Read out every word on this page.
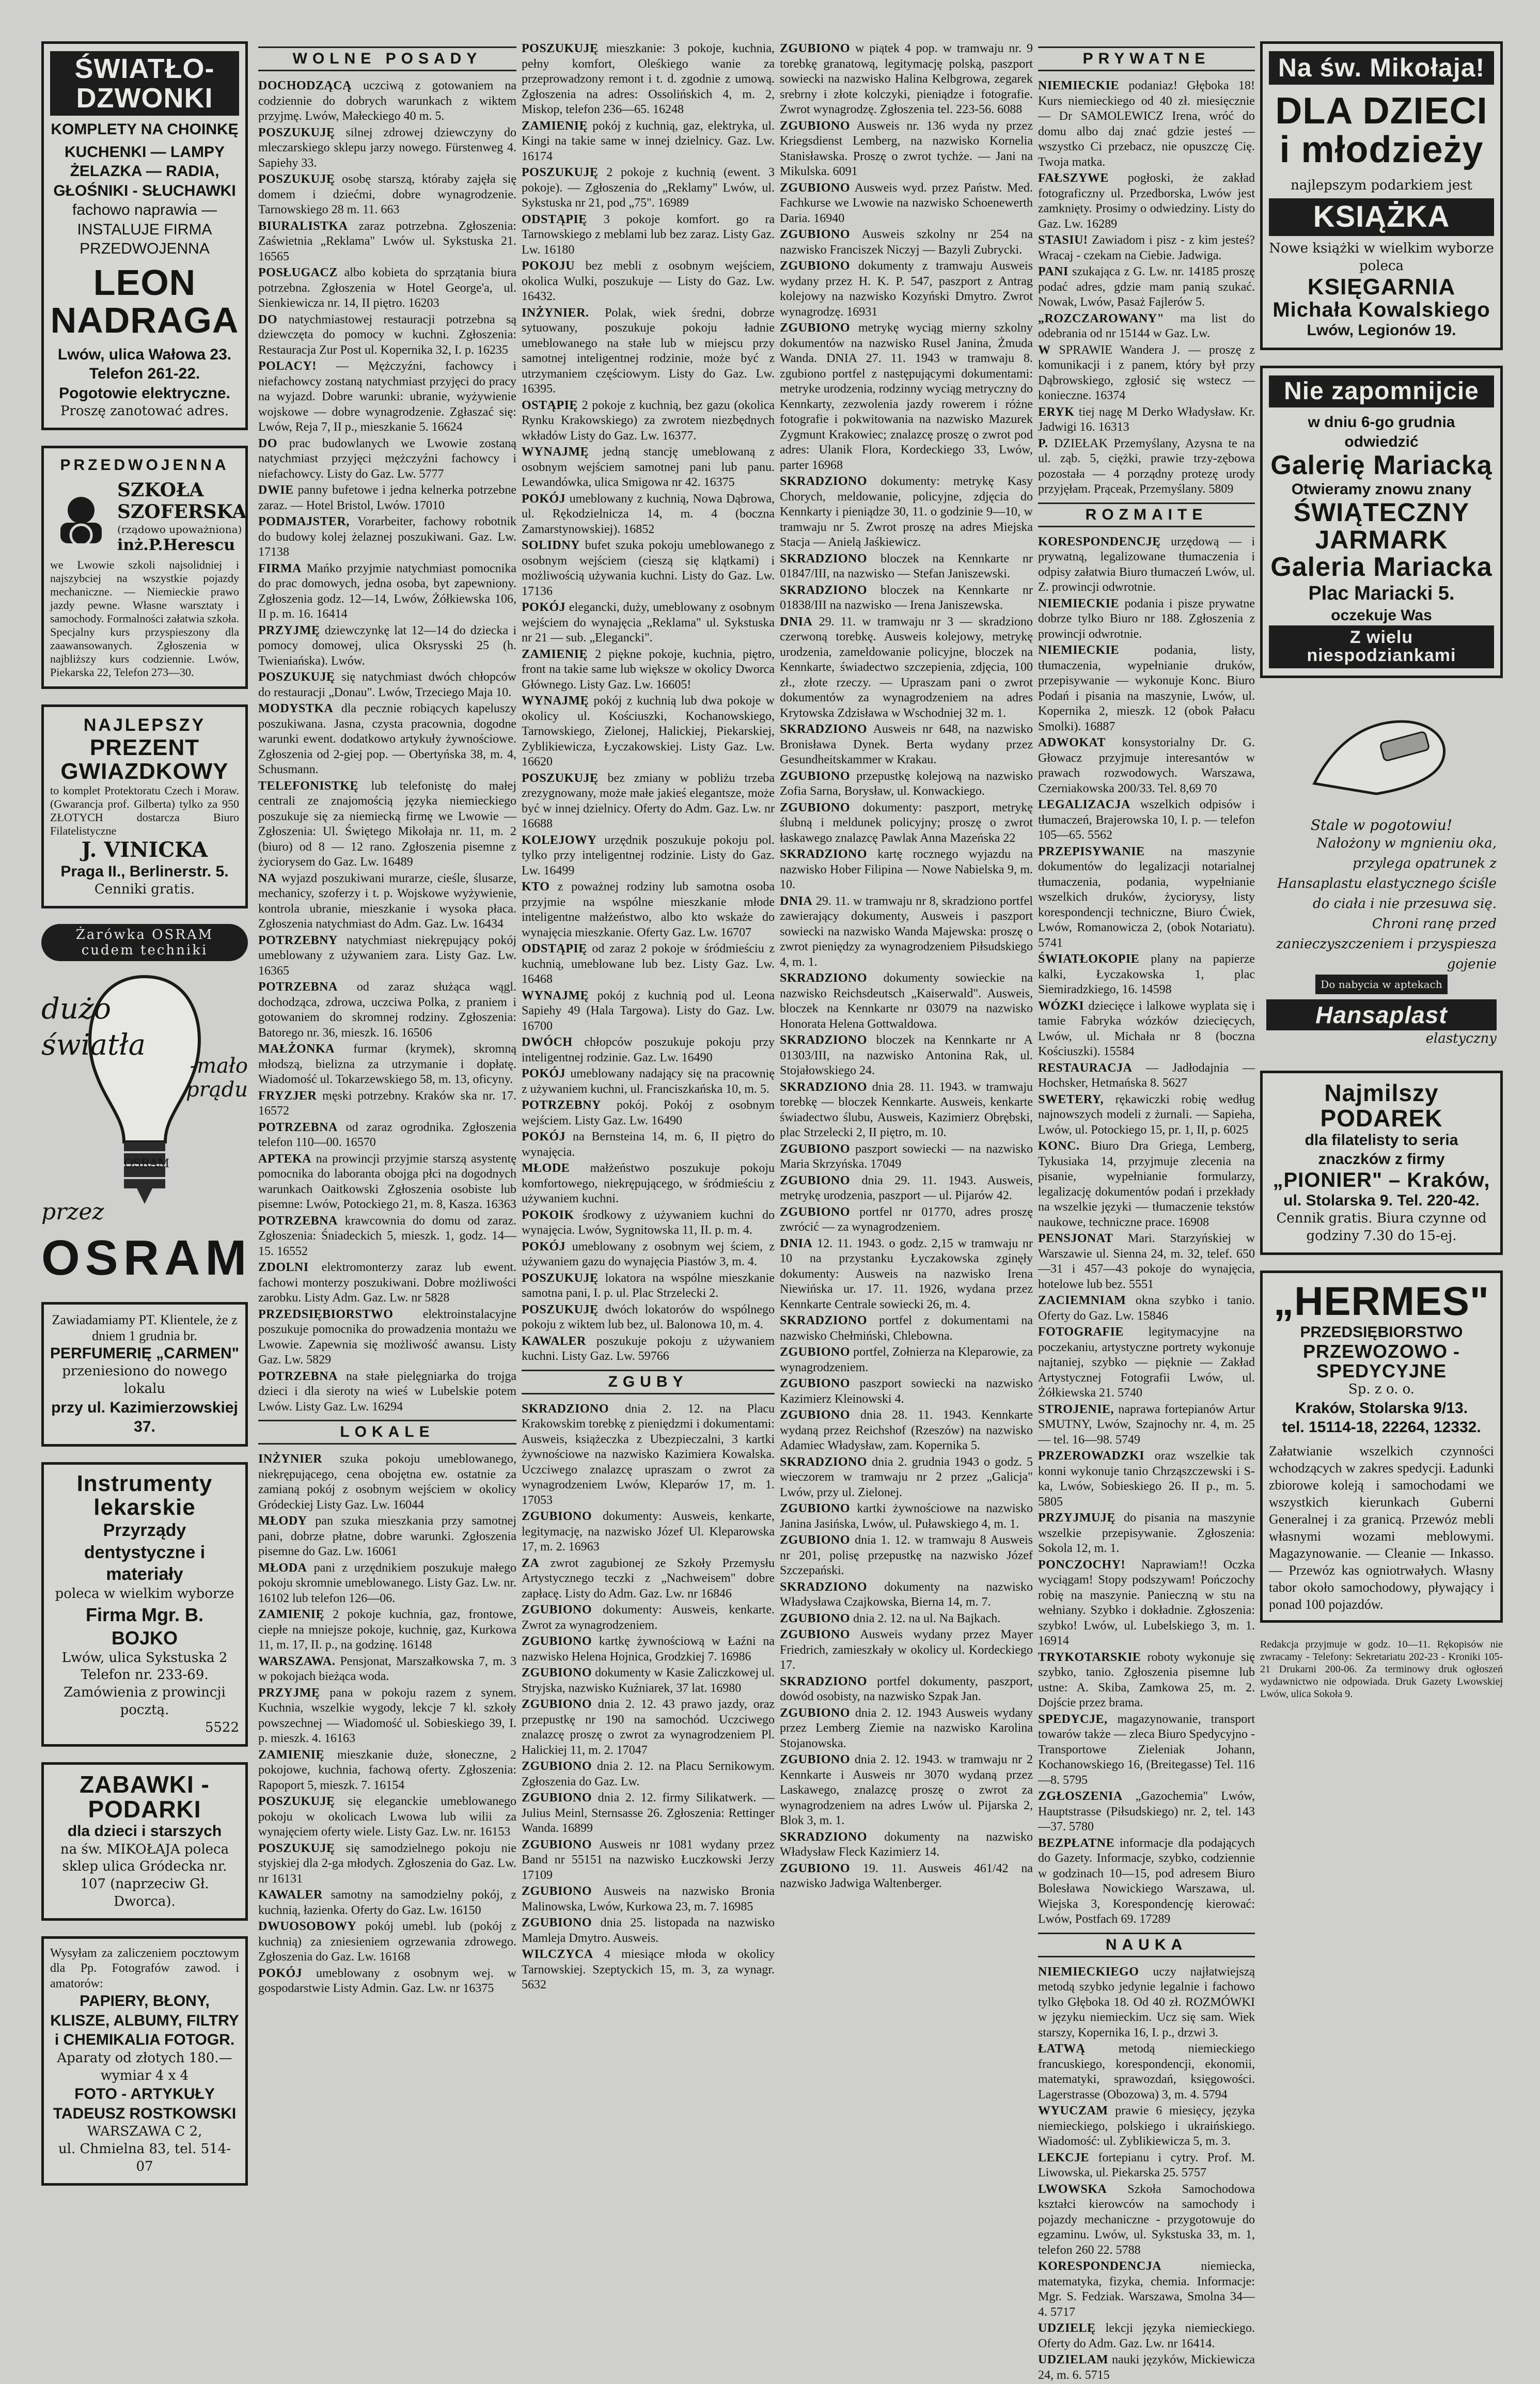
ŚWIATŁO-DZWONKI
KOMPLETY NA CHOINKĘ
KUCHENKI — LAMPY
ŻELAZKA — RADIA,
GŁOŚNIKI - SŁUCHAWKI
fachowo naprawia —
INSTALUJE FIRMA
PRZEDWOJENNA
LEON NADRAGA
Lwów, ulica Wałowa 23.
Telefon 261-22.
Pogotowie elektryczne.
Proszę zanotować adres.
PRZEDWOJENNA
SZKOŁA SZOFERSKA
(rządowo upoważniona)
inż.P.Herescu
we Lwowie szkoli najsolidniej i najszybciej na wszystkie pojazdy mechaniczne. — Niemieckie prawo jazdy pewne. Własne warsztaty i samochody. Formalności załatwia szkoła. Specjalny kurs przyspieszony dla zaawansowanych. Zgłoszenia w najbliższy kurs codziennie. Lwów, Piekarska 22, Telefon 273—30.
NAJLEPSZY
PREZENT GWIAZDKOWY
to komplet Protektoratu Czech i Moraw. (Gwarancja prof. Gilberta) tylko za 950 ZŁOTYCH dostarcza Biuro Filatelistyczne
J. VINICKA
Praga II., Berlinerstr. 5.
Cenniki gratis.
Żarówka OSRAM cudem techniki
dużo
światła
-mało prądu
OSRAM
przez
OSRAM
Zawiadamiamy PT. Klientele, że z dniem 1 grudnia br.
PERFUMERIĘ „CARMEN"
przeniesiono do nowego lokalu
przy ul. Kazimierzowskiej 37.
Instrumenty lekarskie
Przyrządy dentystyczne i materiały
poleca w wielkim wyborze
Firma Mgr. B. BOJKO
Lwów, ulica Sykstuska 2
Telefon nr. 233-69.
Zamówienia z prowincji pocztą.
5522
ZABAWKI - PODARKI
dla dzieci i starszych
na św. MIKOŁAJA poleca sklep ulica Gródecka nr. 107 (naprzeciw Gł. Dworca).
Wysyłam za zaliczeniem pocztowym dla Pp. Fotografów zawod. i amatorów:
PAPIERY, BŁONY, KLISZE, ALBUMY, FILTRY i CHEMIKALIA FOTOGR.
Aparaty od złotych 180.— wymiar 4 x 4
FOTO - ARTYKUŁY
TADEUSZ ROSTKOWSKI
WARSZAWA C 2,
ul. Chmielna 83, tel. 514-07
WOLNE POSADY

DOCHODZĄCĄ uczciwą z gotowaniem na codziennie do dobrych warunkach z wiktem przyjmę. Lwów, Małeckiego 40 m. 5.

POSZUKUJĘ silnej zdrowej dziewczyny do mleczarskiego sklepu jarzy nowego. Fürstenweg 4. Sapiehy 33.

POSZUKUJĘ osobę starszą, któraby zajęła się domem i dziećmi, dobre wynagrodzenie. Tarnowskiego 28 m. 11. 663

BIURALISTKA zaraz potrzebna. Zgłoszenia: Zaświetnia „Reklama" Lwów ul. Sykstuska 21. 16565

POSŁUGACZ albo kobieta do sprzątania biura potrzebna. Zgłoszenia w Hotel George'a, ul. Sienkiewicza nr. 14, II piętro. 16203

DO natychmiastowej restauracji potrzebna są dziewczęta do pomocy w kuchni. Zgłoszenia: Restauracja Zur Post ul. Kopernika 32, I. p. 16235

POLACY! — Mężczyźni, fachowcy i niefachowcy zostaną natychmiast przyjęci do pracy na wyjazd. Dobre warunki: ubranie, wyżywienie wojskowe — dobre wynagrodzenie. Zgłaszać się: Lwów, Reja 7, II p., mieszkanie 5. 16624

DO prac budowlanych we Lwowie zostaną natychmiast przyjęci mężczyźni fachowcy i niefachowcy. Listy do Gaz. Lw. 5777

DWIE panny bufetowe i jedna kelnerka potrzebne zaraz. — Hotel Bristol, Lwów. 17010

PODMAJSTER, Vorarbeiter, fachowy robotnik do budowy kolej żelaznej poszukiwani. Gaz. Lw. 17138

FIRMA Mańko przyjmie natychmiast pomocnika do prac domowych, jedna osoba, byt zapewniony. Zgłoszenia godz. 12—14, Lwów, Żółkiewska 106, II p. m. 16. 16414

PRZYJMĘ dziewczynkę lat 12—14 do dziecka i pomocy domowej, ulica Oksrysski 25 (h. Twieniańska). Lwów.

POSZUKUJĘ się natychmiast dwóch chłopców do restauracji „Donau". Lwów, Trzeciego Maja 10.

MODYSTKA dla pecznie robiących kapeluszy poszukiwana. Jasna, czysta pracownia, dogodne warunki ewent. dodatkowo artykuły żywnościowe. Zgłoszenia od 2-giej pop. — Obertyńska 38, m. 4, Schusmann.

TELEFONISTKĘ lub telefonistę do małej centrali ze znajomością języka niemieckiego poszukuje się za niemiecką firmę we Lwowie — Zgłoszenia: Ul. Świętego Mikołaja nr. 11, m. 2 (biuro) od 8 — 12 rano. Zgłoszenia pisemne z życiorysem do Gaz. Lw. 16489

NA wyjazd poszukiwani murarze, cieśle, ślusarze, mechanicy, szoferzy i t. p. Wojskowe wyżywienie, kontrola ubranie, mieszkanie i wysoka płaca. Zgłoszenia natychmiast do Adm. Gaz. Lw. 16434

POTRZEBNY natychmiast niekrępujący pokój umeblowany z używaniem zara. Listy Gaz. Lw. 16365

POTRZEBNA od zaraz służąca wągl. dochodząca, zdrowa, uczciwa Polka, z praniem i gotowaniem do skromnej rodziny. Zgłoszenia: Batorego nr. 36, mieszk. 16. 16506

MAŁŻONKA furmar (krymek), skromną młodszą, bielizna za utrzymanie i dopłatę. Wiadomość ul. Tokarzewskiego 58, m. 13, oficyny.

FRYZJER męski potrzebny. Kraków ska nr. 17. 16572

POTRZEBNA od zaraz ogrodnika. Zgłoszenia telefon 110—00. 16570

APTEKA na prowincji przyjmie starszą asystentę pomocnika do laboranta obojga płci na dogodnych warunkach Oaitkowski Zgłoszenia osobiste lub pisemne: Lwów, Potockiego 21, m. 8, Kasza. 16363

POTRZEBNA krawcownia do domu od zaraz. Zgłoszenia: Śniadeckich 5, mieszk. 1, godz. 14—15. 16552

ZDOLNI elektromonterzy zaraz lub ewent. fachowi monterzy poszukiwani. Dobre możliwości zarobku. Listy Adm. Gaz. Lw. nr 5828

PRZEDSIĘBIORSTWO elektroinstalacyjne poszukuje pomocnika do prowadzenia montażu we Lwowie. Zapewnia się możliwość awansu. Listy Gaz. Lw. 5829

POTRZEBNA na stałe pielęgniarka do trojga dzieci i dla sieroty na wieś w Lubelskie potem Lwów. Listy Gaz. Lw. 16294

LOKALE

INŻYNIER szuka pokoju umeblowanego, niekrępującego, cena obojętna ew. ostatnie za zamianą pokój z osobnym wejściem w okolicy Gródeckiej Listy Gaz. Lw. 16044

MŁODY pan szuka mieszkania przy samotnej pani, dobrze płatne, dobre warunki. Zgłoszenia pisemne do Gaz. Lw. 16061

MŁODA pani z urzędnikiem poszukuje małego pokoju skromnie umeblowanego. Listy Gaz. Lw. nr. 16102 lub telefon 126—06.

ZAMIENIĘ 2 pokoje kuchnia, gaz, frontowe, ciepłe na mniejsze pokoje, kuchnię, gaz, Kurkowa 11, m. 17, II. p., na godzinę. 16148

WARSZAWA. Pensjonat, Marszałkowska 7, m. 3 w pokojach bieżąca woda.

PRZYJMĘ pana w pokoju razem z synem. Kuchnia, wszelkie wygody, lekcje 7 kl. szkoły powszechnej — Wiadomość ul. Sobieskiego 39, I. p. mieszk. 4. 16163

ZAMIENIĘ mieszkanie duże, słoneczne, 2 pokojowe, kuchnia, fachową oferty. Zgłoszenia: Rapoport 5, mieszk. 7. 16154

POSZUKUJĘ się eleganckie umeblowanego pokoju w okolicach Lwowa lub wilii za wynajęciem oferty wiele. Listy Gaz. Lw. nr. 16153

POSZUKUJĘ się samodzielnego pokoju nie styjskiej dla 2-ga młodych. Zgłoszenia do Gaz. Lw. nr 16131

KAWALER samotny na samodzielny pokój, z kuchnią, łazienka. Oferty do Gaz. Lw. 16150

DWUOSOBOWY pokój umebl. lub (pokój z kuchnią) za zniesieniem ogrzewania zdrowego. Zgłoszenia do Gaz. Lw. 16168

POKÓJ umeblowany z osobnym wej. w gospodarstwie Listy Admin. Gaz. Lw. nr 16375

POSZUKUJĘ mieszkanie: 3 pokoje, kuchnia, pełny komfort, Oleśkiego wanie za przeprowadzony remont i t. d. zgodnie z umową. Zgłoszenia na adres: Ossolińskich 4, m. 2, Miskop, telefon 236—65. 16248

ZAMIENIĘ pokój z kuchnią, gaz, elektryka, ul. Kingi na takie same w innej dzielnicy. Gaz. Lw. 16174

POSZUKUJĘ 2 pokoje z kuchnią (ewent. 3 pokoje). — Zgłoszenia do „Reklamy" Lwów, ul. Sykstuska nr 21, pod „75". 16989

ODSTĄPIĘ 3 pokoje komfort. go ra Tarnowskiego z meblami lub bez zaraz. Listy Gaz. Lw. 16180

POKOJU bez mebli z osobnym wejściem, okolica Wulki, poszukuje — Listy do Gaz. Lw. 16432.

INŻYNIER. Polak, wiek średni, dobrze sytuowany, poszukuje pokoju ładnie umeblowanego na stałe lub w miejscu przy samotnej inteligentnej rodzinie, może być z utrzymaniem częściowym. Listy do Gaz. Lw. 16395.

OSTĄPIĘ 2 pokoje z kuchnią, bez gazu (okolica Rynku Krakowskiego) za zwrotem niezbędnych wkładów Listy do Gaz. Lw. 16377.

WYNAJMĘ jedną stancję umeblowaną z osobnym wejściem samotnej pani lub panu. Lewandówka, ulica Smigowa nr 42. 16375

POKÓJ umeblowany z kuchnią, Nowa Dąbrowa, ul. Rękodzielnicza 14, m. 4 (boczna Zamarstynowskiej). 16852

SOLIDNY bufet szuka pokoju umeblowanego z osobnym wejściem (cieszą się klątkami) i możliwością używania kuchni. Listy do Gaz. Lw. 17136

POKÓJ elegancki, duży, umeblowany z osobnym wejściem do wynajęcia „Reklama" ul. Sykstuska nr 21 — sub. „Elegancki".

ZAMIENIĘ 2 piękne pokoje, kuchnia, piętro, front na takie same lub większe w okolicy Dworca Głównego. Listy Gaz. Lw. 16605!

WYNAJMĘ pokój z kuchnią lub dwa pokoje w okolicy ul. Kościuszki, Kochanowskiego, Tarnowskiego, Zielonej, Halickiej, Piekarskiej, Zyblikiewicza, Łyczakowskiej. Listy Gaz. Lw. 16620

POSZUKUJĘ bez zmiany w pobliżu trzeba zrezygnowany, może małe jakieś elegantsze, może być w innej dzielnicy. Oferty do Adm. Gaz. Lw. nr 16688

KOLEJOWY urzędnik poszukuje pokoju pol. tylko przy inteligentnej rodzinie. Listy do Gaz. Lw. 16499

KTO z poważnej rodziny lub samotna osoba przyjmie na wspólne mieszkanie młode inteligentne małżeństwo, albo kto wskaże do wynajęcia mieszkanie. Oferty Gaz. Lw. 16707

ODSTĄPIĘ od zaraz 2 pokoje w śródmieściu z kuchnią, umeblowane lub bez. Listy Gaz. Lw. 16468

WYNAJMĘ pokój z kuchnią pod ul. Leona Sapiehy 49 (Hala Targowa). Listy do Gaz. Lw. 16700

DWÓCH chłopców poszukuje pokoju przy inteligentnej rodzinie. Gaz. Lw. 16490

POKÓJ umeblowany nadający się na pracownię z używaniem kuchni, ul. Franciszkańska 10, m. 5.

POTRZEBNY pokój. Pokój z osobnym wejściem. Listy Gaz. Lw. 16490

POKÓJ na Bernsteina 14, m. 6, II piętro do wynajęcia.

MŁODE małżeństwo poszukuje pokoju komfortowego, niekrępującego, w śródmieściu z używaniem kuchni.

POKOIK środkowy z używaniem kuchni do wynajęcia. Lwów, Sygnitowska 11, II. p. m. 4.

POKÓJ umeblowany z osobnym wej ściem, z używaniem gazu do wynajęcia Piastów 3, m. 4.

POSZUKUJĘ lokatora na wspólne mieszkanie samotna pani, I. p. ul. Plac Strzelecki 2.

POSZUKUJĘ dwóch lokatorów do wspólnego pokoju z wiktem lub bez, ul. Balonowa 10, m. 4.

KAWALER poszukuje pokoju z używaniem kuchni. Listy Gaz. Lw. 59766

ZGUBY

SKRADZIONO dnia 2. 12. na Placu Krakowskim torebkę z pieniędzmi i dokumentami: Ausweis, książeczka z Ubezpieczalni, 3 kartki żywnościowe na nazwisko Kazimiera Kowalska. Uczciwego znalazcę upraszam o zwrot za wynagrodzeniem Lwów, Kleparów 17, m. 1. 17053

ZGUBIONO dokumenty: Ausweis, kenkarte, legitymację, na nazwisko Józef Ul. Kleparowska 17, m. 2. 16963

ZA zwrot zagubionej ze Szkoły Przemysłu Artystycznego teczki z „Nachweisem" dobre zapłacę. Listy do Adm. Gaz. Lw. nr 16846

ZGUBIONO dokumenty: Ausweis, kenkarte. Zwrot za wynagrodzeniem.

ZGUBIONO kartkę żywnościową w Łaźni na nazwisko Helena Hojnica, Grodzkiej 7. 16986

ZGUBIONO dokumenty w Kasie Zaliczkowej ul. Stryjska, nazwisko Kuźniarek, 37 lat. 16980

ZGUBIONO dnia 2. 12. 43 prawo jazdy, oraz przepustkę nr 190 na samochód. Uczciwego znalazcę proszę o zwrot za wynagrodzeniem Pl. Halickiej 11, m. 2. 17047

ZGUBIONO dnia 2. 12. na Placu Sernikowym. Zgłoszenia do Gaz. Lw.

ZGUBIONO dnia 2. 12. firmy Silikatwerk. — Julius Meinl, Sternsasse 26. Zgłoszenia: Rettinger Wanda. 16899

ZGUBIONO Ausweis nr 1081 wydany przez Band nr 55151 na nazwisko Łuczkowski Jerzy 17109

ZGUBIONO Ausweis na nazwisko Bronia Malinowska, Lwów, Kurkowa 23, m. 7. 16985

ZGUBIONO dnia 25. listopada na nazwisko Mamleja Dmytro. Ausweis.

WILCZYCA 4 miesiące młoda w okolicy Tarnowskiej. Szeptyckich 15, m. 3, za wynagr. 5632

ZGUBIONO w piątek 4 pop. w tramwaju nr. 9 torebkę granatową, legitymację polską, paszport sowiecki na nazwisko Halina Kelbgrowa, zegarek srebrny i złote kolczyki, pieniądze i fotografie. Zwrot wynagrodzę. Zgłoszenia tel. 223-56. 6088

ZGUBIONO Ausweis nr. 136 wyda ny przez Kriegsdienst Lemberg, na nazwisko Kornelia Stanisławska. Proszę o zwrot tychże. — Jani na Mikulska. 6091

ZGUBIONO Ausweis wyd. przez Państw. Med. Fachkurse we Lwowie na nazwisko Schoenewerth Daria. 16940

ZGUBIONO Ausweis szkolny nr 254 na nazwisko Franciszek Niczyj — Bazyli Zubrycki.

ZGUBIONO dokumenty z tramwaju Ausweis wydany przez H. K. P. 547, paszport z Antrag kolejowy na nazwisko Kozyński Dmytro. Zwrot wynagrodzę. 16931

ZGUBIONO metrykę wyciąg mierny szkolny dokumentów na nazwisko Rusel Janina, Żmuda Wanda. DNIA 27. 11. 1943 w tramwaju 8. zgubiono portfel z następującymi dokumentami: metryke urodzenia, rodzinny wyciąg metryczny do Kennkarty, zezwolenia jazdy rowerem i różne fotografie i pokwitowania na nazwisko Mazurek Zygmunt Krakowiec; znalazcę proszę o zwrot pod adres: Ulanik Flora, Kordeckiego 33, Lwów, parter 16968

SKRADZIONO dokumenty: metrykę Kasy Chorych, meldowanie, policyjne, zdjęcia do Kennkarty i pieniądze 30, 11. o godzinie 9—10, w tramwaju nr 5. Zwrot proszę na adres Miejska Stacja — Anielą Jaśkiewicz.

SKRADZIONO bloczek na Kennkarte nr 01847/III, na nazwisko — Stefan Janiszewski.

SKRADZIONO bloczek na Kennkarte nr 01838/III na nazwisko — Irena Janiszewska.

DNIA 29. 11. w tramwaju nr 3 — skradziono czerwoną torebkę. Ausweis kolejowy, metrykę urodzenia, zameldowanie policyjne, bloczek na Kennkarte, świadectwo szczepienia, zdjęcia, 100 zł., złote rzeczy. — Upraszam pani o zwrot dokumentów za wynagrodzeniem na adres Krytowska Zdzisława w Wschodniej 32 m. 1.

SKRADZIONO Ausweis nr 648, na nazwisko Bronisława Dynek. Berta wydany przez Gesundheitskammer w Krakau.

ZGUBIONO przepustkę kolejową na nazwisko Zofia Sarna, Borysław, ul. Konwackiego.

ZGUBIONO dokumenty: paszport, metrykę ślubną i meldunek policyjny; proszę o zwrot łaskawego znalazcę Pawlak Anna Mazeńska 22

SKRADZIONO kartę rocznego wyjazdu na nazwisko Hober Filipina — Nowe Nabielska 9, m. 10.

DNIA 29. 11. w tramwaju nr 8, skradziono portfel zawierający dokumenty, Ausweis i paszport sowiecki na nazwisko Wanda Majewska: proszę o zwrot pieniędzy za wynagrodzeniem Piłsudskiego 4, m. 1.

SKRADZIONO dokumenty sowieckie na nazwisko Reichsdeutsch „Kaiserwald". Ausweis, bloczek na Kennkarte nr 03079 na nazwisko Honorata Helena Gottwaldowa.

SKRADZIONO bloczek na Kennkarte nr A 01303/III, na nazwisko Antonina Rak, ul. Stojałowskiego 24.

SKRADZIONO dnia 28. 11. 1943. w tramwaju torebkę — bloczek Kennkarte. Ausweis, kenkarte świadectwo ślubu, Ausweis, Kazimierz Obrębski, plac Strzelecki 2, II piętro, m. 10.

ZGUBIONO paszport sowiecki — na nazwisko Maria Skrzyńska. 17049

ZGUBIONO dnia 29. 11. 1943. Ausweis, metrykę urodzenia, paszport — ul. Pijarów 42.

ZGUBIONO portfel nr 01770, adres proszę zwrócić — za wynagrodzeniem.

DNIA 12. 11. 1943. o godz. 2,15 w tramwaju nr 10 na przystanku Łyczakowska zginęły dokumenty: Ausweis na nazwisko Irena Niewińska ur. 17. 11. 1926, wydana przez Kennkarte Centrale sowiecki 26, m. 4.

SKRADZIONO portfel z dokumentami na nazwisko Chełmiński, Chlebowna.

ZGUBIONO portfel, Zołnierza na Kleparowie, za wynagrodzeniem.

ZGUBIONO paszport sowiecki na nazwisko Kazimierz Kleinowski 4.

ZGUBIONO dnia 28. 11. 1943. Kennkarte wydaną przez Reichshof (Rzeszów) na nazwisko Adamiec Władysław, zam. Kopernika 5.

SKRADZIONO dnia 2. grudnia 1943 o godz. 5 wieczorem w tramwaju nr 2 przez „Galicja" Lwów, przy ul. Zielonej.

ZGUBIONO kartki żywnościowe na nazwisko Janina Jasińska, Lwów, ul. Puławskiego 4, m. 1.

ZGUBIONO dnia 1. 12. w tramwaju 8 Ausweis nr 201, polisę przepustkę na nazwisko Józef Szczepański.

SKRADZIONO dokumenty na nazwisko Władysława Czajkowska, Bierna 14, m. 7.

ZGUBIONO dnia 2. 12. na ul. Na Bajkach.

ZGUBIONO Ausweis wydany przez Mayer Friedrich, zamieszkały w okolicy ul. Kordeckiego 17.

SKRADZIONO portfel dokumenty, paszport, dowód osobisty, na nazwisko Szpak Jan.

ZGUBIONO dnia 2. 12. 1943 Ausweis wydany przez Lemberg Ziemie na nazwisko Karolina Stojanowska.

ZGUBIONO dnia 2. 12. 1943. w tramwaju nr 2 Kennkarte i Ausweis nr 3070 wydaną przez Laskawego, znalazcę proszę o zwrot za wynagrodzeniem na adres Lwów ul. Pijarska 2, Blok 3, m. 1.

SKRADZIONO dokumenty na nazwisko Władysław Fleck Kazimierz 14.

ZGUBIONO 19. 11. Ausweis 461/42 na nazwisko Jadwiga Waltenberger.

PRYWATNE

NIEMIECKIE podaniaz! Głęboka 18! Kurs niemieckiego od 40 zł. miesięcznie — Dr SAMOLEWICZ Irena, wróć do domu albo daj znać gdzie jesteś — wszystko Ci przebacz, nie opuszczę Cię. Twoja matka.

FAŁSZYWE pogłoski, że zakład fotograficzny ul. Przedborska, Lwów jest zamknięty. Prosimy o odwiedziny. Listy do Gaz. Lw. 16289

STASIU! Zawiadom i pisz - z kim jesteś? Wracaj - czekam na Ciebie. Jadwiga.

PANI szukająca z G. Lw. nr. 14185 proszę podać adres, gdzie mam panią szukać. Nowak, Lwów, Pasaż Fajlerów 5.

„ROZCZAROWANY" ma list do odebrania od nr 15144 w Gaz. Lw.

W SPRAWIE Wandera J. — proszę z komunikacji i z panem, który był przy Dąbrowskiego, zgłosić się wstecz — konieczne. 16374

ERYK tiej nagę M Derko Władysław. Kr. Jadwigi 16. 16313

P. DZIEŁAK Przemyślany, Azysna te na ul. ząb. 5, ciężki, prawie trzy-zębowa pozostała — 4 porządny protezę urody przyjęłam. Prąceak, Przemyślany. 5809

ROZMAITE

KORESPONDENCJĘ urzędową — i prywatną, legalizowane tłumaczenia i odpisy załatwia Biuro tłumaczeń Lwów, ul. Z. prowincji odwrotnie.

NIEMIECKIE podania i pisze prywatne dobrze tylko Biuro nr 188. Zgłoszenia z prowincji odwrotnie.

NIEMIECKIE podania, listy, tłumaczenia, wypełnianie druków, przepisywanie — wykonuje Konc. Biuro Podań i pisania na maszynie, Lwów, ul. Kopernika 2, mieszk. 12 (obok Pałacu Smolki). 16887

ADWOKAT konsystorialny Dr. G. Głowacz przyjmuje interesantów w prawach rozwodowych. Warszawa, Czerniakowska 200/33. Tel. 8,69 70

LEGALIZACJA wszelkich odpisów i tłumaczeń, Brajerowska 10, I. p. — telefon 105—65. 5562

PRZEPISYWANIE na maszynie dokumentów do legalizacji notarialnej tłumaczenia, podania, wypełnianie wszelkich druków, życiorysy, listy korespondencji techniczne, Biuro Ćwiek, Lwów, Romanowicza 2, (obok Notariatu). 5741

ŚWIATŁOKOPIE plany na papierze kalki, Łyczakowska 1, plac Siemiradzkiego, 16. 14598

WÓZKI dziecięce i lalkowe wyplata się i tamie Fabryka wózków dziecięcych, Lwów, ul. Michała nr 8 (boczna Kościuszki). 15584

RESTAURACJA — Jadłodajnia — Hochsker, Hetmańska 8. 5627

SWETERY, rękawiczki robię według najnowszych modeli z żurnali. — Sapieha, Lwów, ul. Potockiego 15, pr. 1, II, p. 6025

KONC. Biuro Dra Griega, Lemberg, Tykusiaka 14, przyjmuje zlecenia na pisanie, wypełnianie formularzy, legalizację dokumentów podań i przekłady na wszelkie języki — tłumaczenie tekstów naukowe, techniczne prace. 16908

PENSJONAT Mari. Starzyńskiej w Warszawie ul. Sienna 24, m. 32, telef. 650—31 i 457—43 pokoje do wynajęcia, hotelowe lub bez. 5551

ZACIEMNIAM okna szybko i tanio. Oferty do Gaz. Lw. 15846

FOTOGRAFIE legitymacyjne na poczekaniu, artystyczne portrety wykonuje najtaniej, szybko — pięknie — Zakład Artystycznej Fotografii Lwów, ul. Żółkiewska 21. 5740

STROJENIE, naprawa fortepianów Artur SMUTNY, Lwów, Szajnochy nr. 4, m. 25 — tel. 16—98. 5749

PRZEROWADZKI oraz wszelkie tak konni wykonuje tanio Chrząszczewski i S-ka, Lwów, Sobieskiego 26. II p., m. 5. 5805

PRZYJMUJĘ do pisania na maszynie wszelkie przepisywanie. Zgłoszenia: Sokola 12, m. 1.

PONCZOCHY! Naprawiam!! Oczka wyciągam! Stopy podszywam! Pończochy robię na maszynie. Panieczną w stu na wełniany. Szybko i dokładnie. Zgłoszenia: szybko! Lwów, ul. Lubelskiego 3, m. 1. 16914

TRYKOTARSKIE roboty wykonuje się szybko, tanio. Zgłoszenia pisemne lub ustne: A. Skiba, Zamkowa 25, m. 2. Dojście przez brama.

SPEDYCJE, magazynowanie, transport towarów także — zleca Biuro Spedycyjno - Transportowe Zieleniak Johann, Kochanowskiego 16, (Breitegasse) Tel. 116—8. 5795

ZGŁOSZENIA „Gazochemia" Lwów, Hauptstrasse (Piłsudskiego) nr. 2, tel. 143—37. 5780

BEZPŁATNE informacje dla podających do Gazety. Informacje, szybko, codziennie w godzinach 10—15, pod adresem Biuro Bolesława Nowickiego Warszawa, ul. Wiejska 3, Korespondencję kierować: Lwów, Postfach 69. 17289

NAUKA

NIEMIECKIEGO uczy najłatwiejszą metodą szybko jedynie legalnie i fachowo tylko Głęboka 18. Od 40 zł. ROZMÓWKI w języku niemieckim. Ucz się sam. Wiek starszy, Kopernika 16, I. p., drzwi 3.

ŁATWĄ metodą niemieckiego francuskiego, korespondencji, ekonomii, matematyki, sprawozdań, księgowości. Lagerstrasse (Obozowa) 3, m. 4. 5794

WYUCZAM prawie 6 miesięcy, języka niemieckiego, polskiego i ukraińskiego. Wiadomość: ul. Zyblikiewicza 5, m. 3.

LEKCJE fortepianu i cytry. Prof. M. Liwowska, ul. Piekarska 25. 5757

LWOWSKA Szkoła Samochodowa kształci kierowców na samochody i pojazdy mechaniczne - przygotowuje do egzaminu. Lwów, ul. Sykstuska 33, m. 1, telefon 260 22. 5788

KORESPONDENCJA niemiecka, matematyka, fizyka, chemia. Informacje: Mgr. S. Fedziak. Warszawa, Smolna 34—4. 5717

UDZIELĘ lekcji języka niemieckiego. Oferty do Adm. Gaz. Lw. nr 16414.

UDZIELAM nauki języków, Mickiewicza 24, m. 6. 5715

Na św. Mikołaja!
DLA DZIECI i młodzieży
najlepszym podarkiem jest
KSIĄŻKA
Nowe książki w wielkim wyborze poleca
KSIĘGARNIA
Michała Kowalskiego
Lwów, Legionów 19.
Nie zapomnijcie
w dniu 6-go grudnia odwiedzić
Galerię Mariacką
Otwieramy znowu znany
ŚWIĄTECZNY
JARMARK
Galeria Mariacka
Plac Mariacki 5.
oczekuje Was
Z wielu niespodziankami
Stale w pogotowiu!
Nałożony w mgnieniu oka, przylega opatrunek z Hansaplastu elastycznego ściśle do ciała i nie przesuwa się. Chroni ranę przed zanieczyszczeniem i przyspiesza gojenie
Do nabycia w aptekach
Hansaplast
elastyczny
Najmilszy PODAREK
dla filatelisty to seria znaczków z firmy
„PIONIER" – Kraków,
ul. Stolarska 9. Tel. 220-42.
Cennik gratis. Biura czynne od godziny 7.30 do 15-ej.
„HERMES"
PRZEDSIĘBIORSTWO
PRZEWOZOWO - SPEDYCYJNE
Sp. z o. o.
Kraków, Stolarska 9/13.
tel. 15114-18, 22264, 12332.
Załatwianie wszelkich czynności wchodzących w zakres spedycji. Ładunki zbiorowe koleją i samochodami we wszystkich kierunkach Guberni Generalnej i za granicą. Przewóz mebli własnymi wozami meblowymi. Magazynowanie. — Cleanie — Inkasso. — Przewóz kas ogniotrwałych. Własny tabor około samochodowy, pływający i ponad 100 pojazdów.
Redakcja przyjmuje w godz. 10—11. Rękopisów nie zwracamy - Telefony: Sekretariatu 202-23 - Kroniki 105-21 Drukarni 200-06. Za terminowy druk ogłoszeń wydawnictwo nie odpowiada. Druk Gazety Lwowskiej Lwów, ulica Sokoła 9.
